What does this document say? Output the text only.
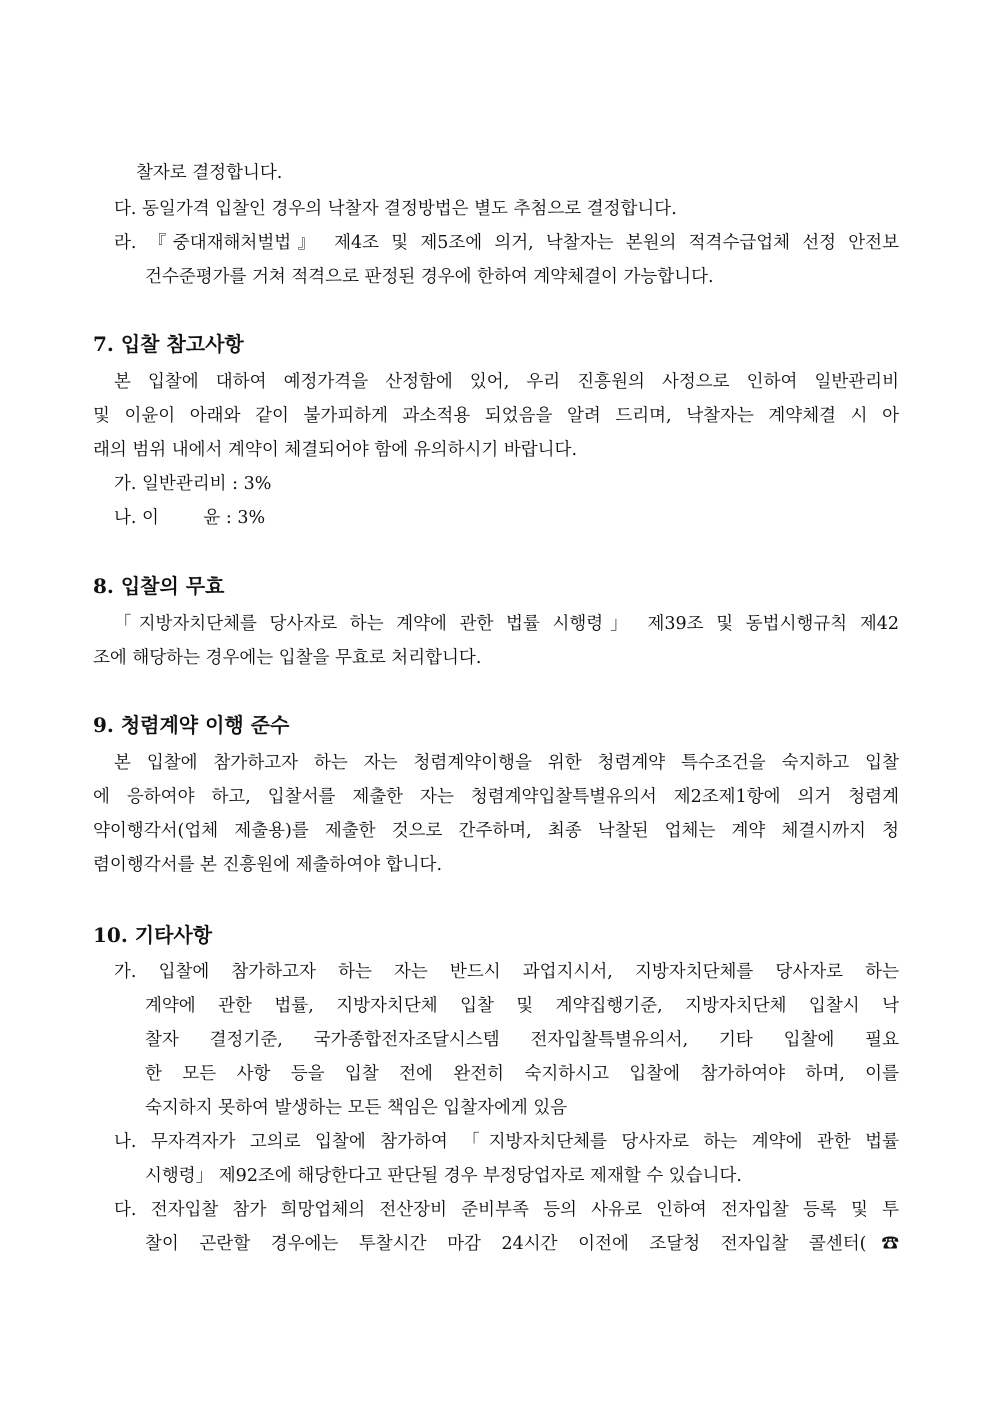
찰자로 결정합니다.
다. 동일가격 입찰인 경우의 낙찰자 결정방법은 별도 추첨으로 결정합니다.
라. 『중대재해처벌법』 제4조 및 제5조에 의거, 낙찰자는 본원의 적격수급업체 선정 안전보
건수준평가를 거쳐 적격으로 판정된 경우에 한하여 계약체결이 가능합니다.
7. 입찰 참고사항
본 입찰에 대하여 예정가격을 산정함에 있어, 우리 진흥원의 사정으로 인하여 일반관리비
및 이윤이 아래와 같이 불가피하게 과소적용 되었음을 알려 드리며, 낙찰자는 계약체결 시 아
래의 범위 내에서 계약이 체결되어야 함에 유의하시기 바랍니다.
가. 일반관리비 : 3%
나. 이        윤 : 3%
8. 입찰의 무효
「지방자치단체를 당사자로 하는 계약에 관한 법률 시행령」 제39조 및 동법시행규칙 제42
조에 해당하는 경우에는 입찰을 무효로 처리합니다.
9. 청렴계약 이행 준수
본 입찰에 참가하고자 하는 자는 청렴계약이행을 위한 청렴계약 특수조건을 숙지하고 입찰
에 응하여야 하고, 입찰서를 제출한 자는 청렴계약입찰특별유의서 제2조제1항에 의거 청렴계
약이행각서(업체 제출용)를 제출한 것으로 간주하며, 최종 낙찰된 업체는 계약 체결시까지 청
렴이행각서를 본 진흥원에 제출하여야 합니다.
10. 기타사항
가. 입찰에 참가하고자 하는 자는 반드시 과업지시서, 지방자치단체를 당사자로 하는
계약에 관한 법률, 지방자치단체 입찰 및 계약집행기준, 지방자치단체 입찰시 낙
찰자 결정기준, 국가종합전자조달시스템 전자입찰특별유의서, 기타 입찰에 필요
한 모든 사항 등을 입찰 전에 완전히 숙지하시고 입찰에 참가하여야 하며, 이를
숙지하지 못하여 발생하는 모든 책임은 입찰자에게 있음
나. 무자격자가 고의로 입찰에 참가하여 「지방자치단체를 당사자로 하는 계약에 관한 법률
시행령」 제92조에 해당한다고 판단될 경우 부정당업자로 제재할 수 있습니다.
다. 전자입찰 참가 희망업체의 전산장비 준비부족 등의 사유로 인하여 전자입찰 등록 및 투
찰이 곤란할 경우에는 투찰시간 마감 24시간 이전에 조달청 전자입찰 콜센터(☎
